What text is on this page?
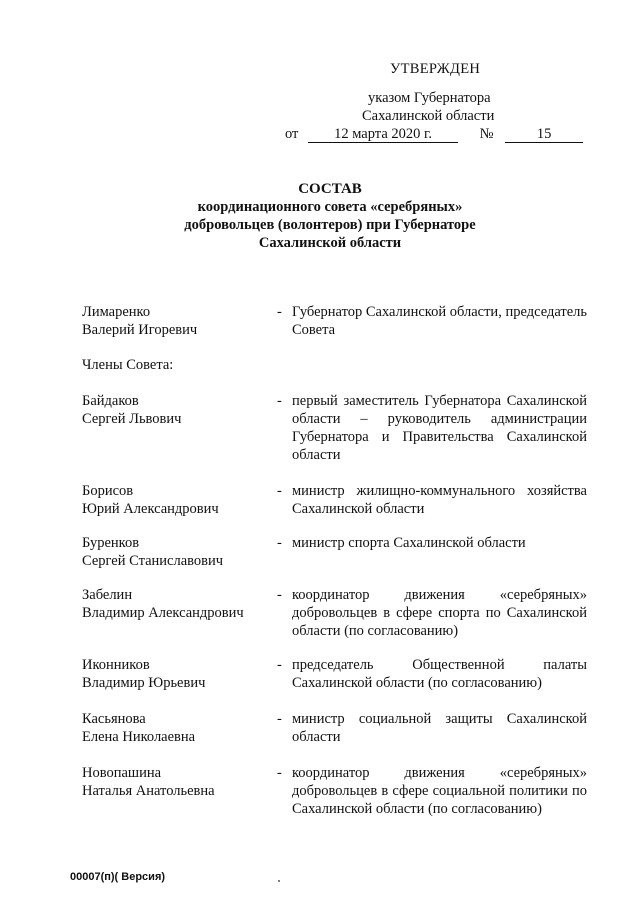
УТВЕРЖДЕН
указом Губернатора
Сахалинской области
от 12 марта 2020 г.	№	15
СОСТАВ
координационного совета «серебряных»
добровольцев (волонтеров) при Губернаторе
Сахалинской области
Лимаренко
Валерий Игоревич
- Губернатор Сахалинской области, председатель Совета
Члены Совета:
Байдаков
Сергей Львович
- первый заместитель Губернатора Сахалинской области – руководитель администрации Губернатора и Правительства Сахалинской области
Борисов
Юрий Александрович
- министр жилищно-коммунального хозяйства Сахалинской области
Буренков
Сергей Станиславович
- министр спорта Сахалинской области
Забелин
Владимир Александрович
- координатор движения «серебряных» добровольцев в сфере спорта по Сахалинской области (по согласованию)
Иконников
Владимир Юрьевич
- председатель Общественной палаты Сахалинской области (по согласованию)
Касьянова
Елена Николаевна
- министр социальной защиты Сахалинской области
Новопашина
Наталья Анатольевна
- координатор движения «серебряных» добровольцев в сфере социальной политики по Сахалинской области (по согласованию)
00007(п)( Версия)
